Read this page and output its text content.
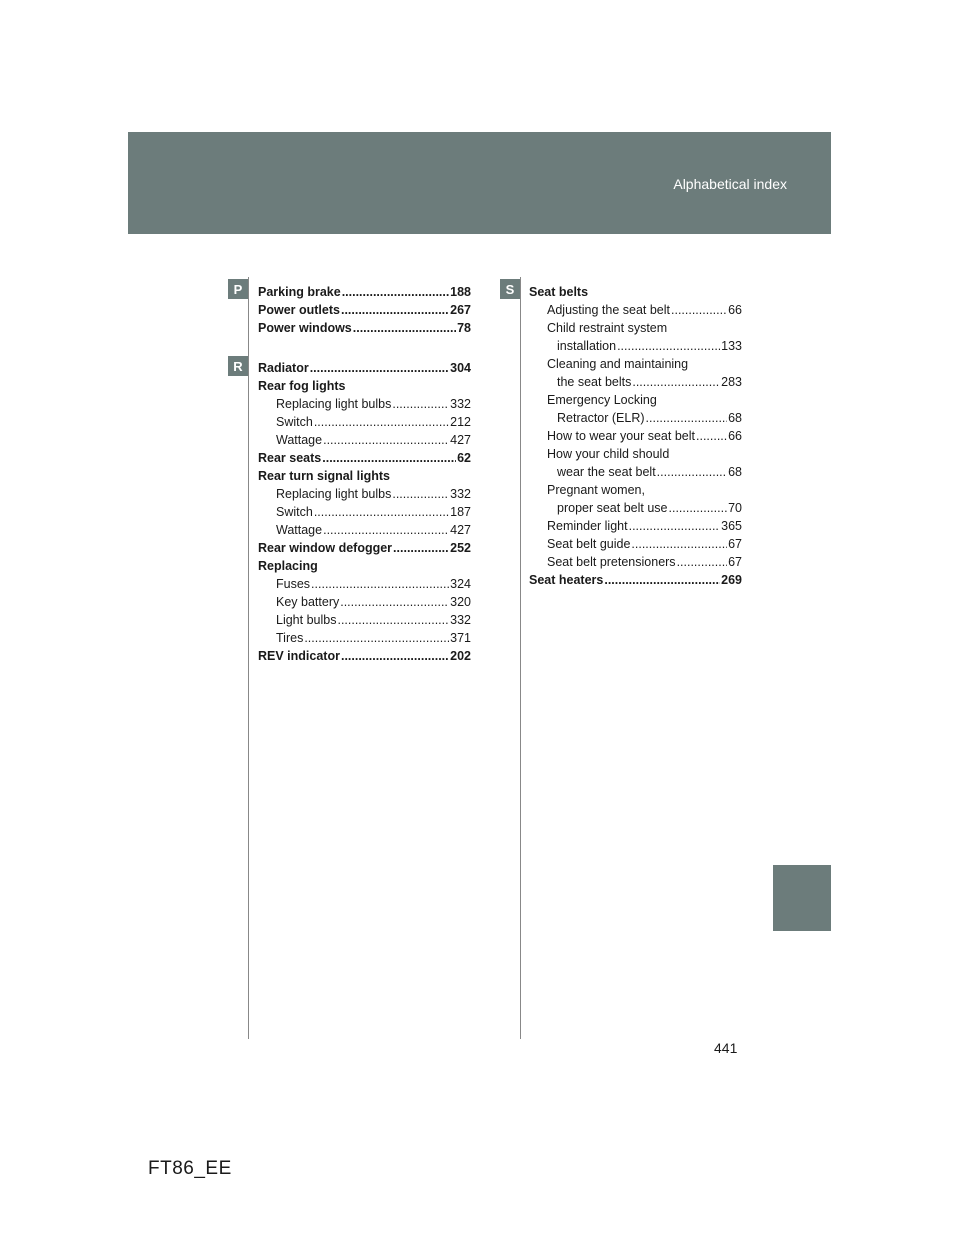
Alphabetical index
P
R
S
Parking brake .....	188
Power outlets .....	267
Power windows .....	78
Radiator .....	304
Rear fog lights
Replacing light bulbs .....	332
Switch .....	212
Wattage .....	427
Rear seats .....	62
Rear turn signal lights
Replacing light bulbs .....	332
Switch .....	187
Wattage .....	427
Rear window defogger .....	252
Replacing
Fuses .....	324
Key battery .....	320
Light bulbs .....	332
Tires .....	371
REV indicator .....	202
Seat belts
Adjusting the seat belt .....	66
Child restraint system
installation .....	133
Cleaning and maintaining
the seat belts .....	283
Emergency Locking
Retractor (ELR) .....	68
How to wear your seat belt .....	66
How your child should
wear the seat belt .....	68
Pregnant women,
proper seat belt use .....	70
Reminder light .....	365
Seat belt guide .....	67
Seat belt pretensioners .....	67
Seat heaters .....	269
441
FT86_EE
